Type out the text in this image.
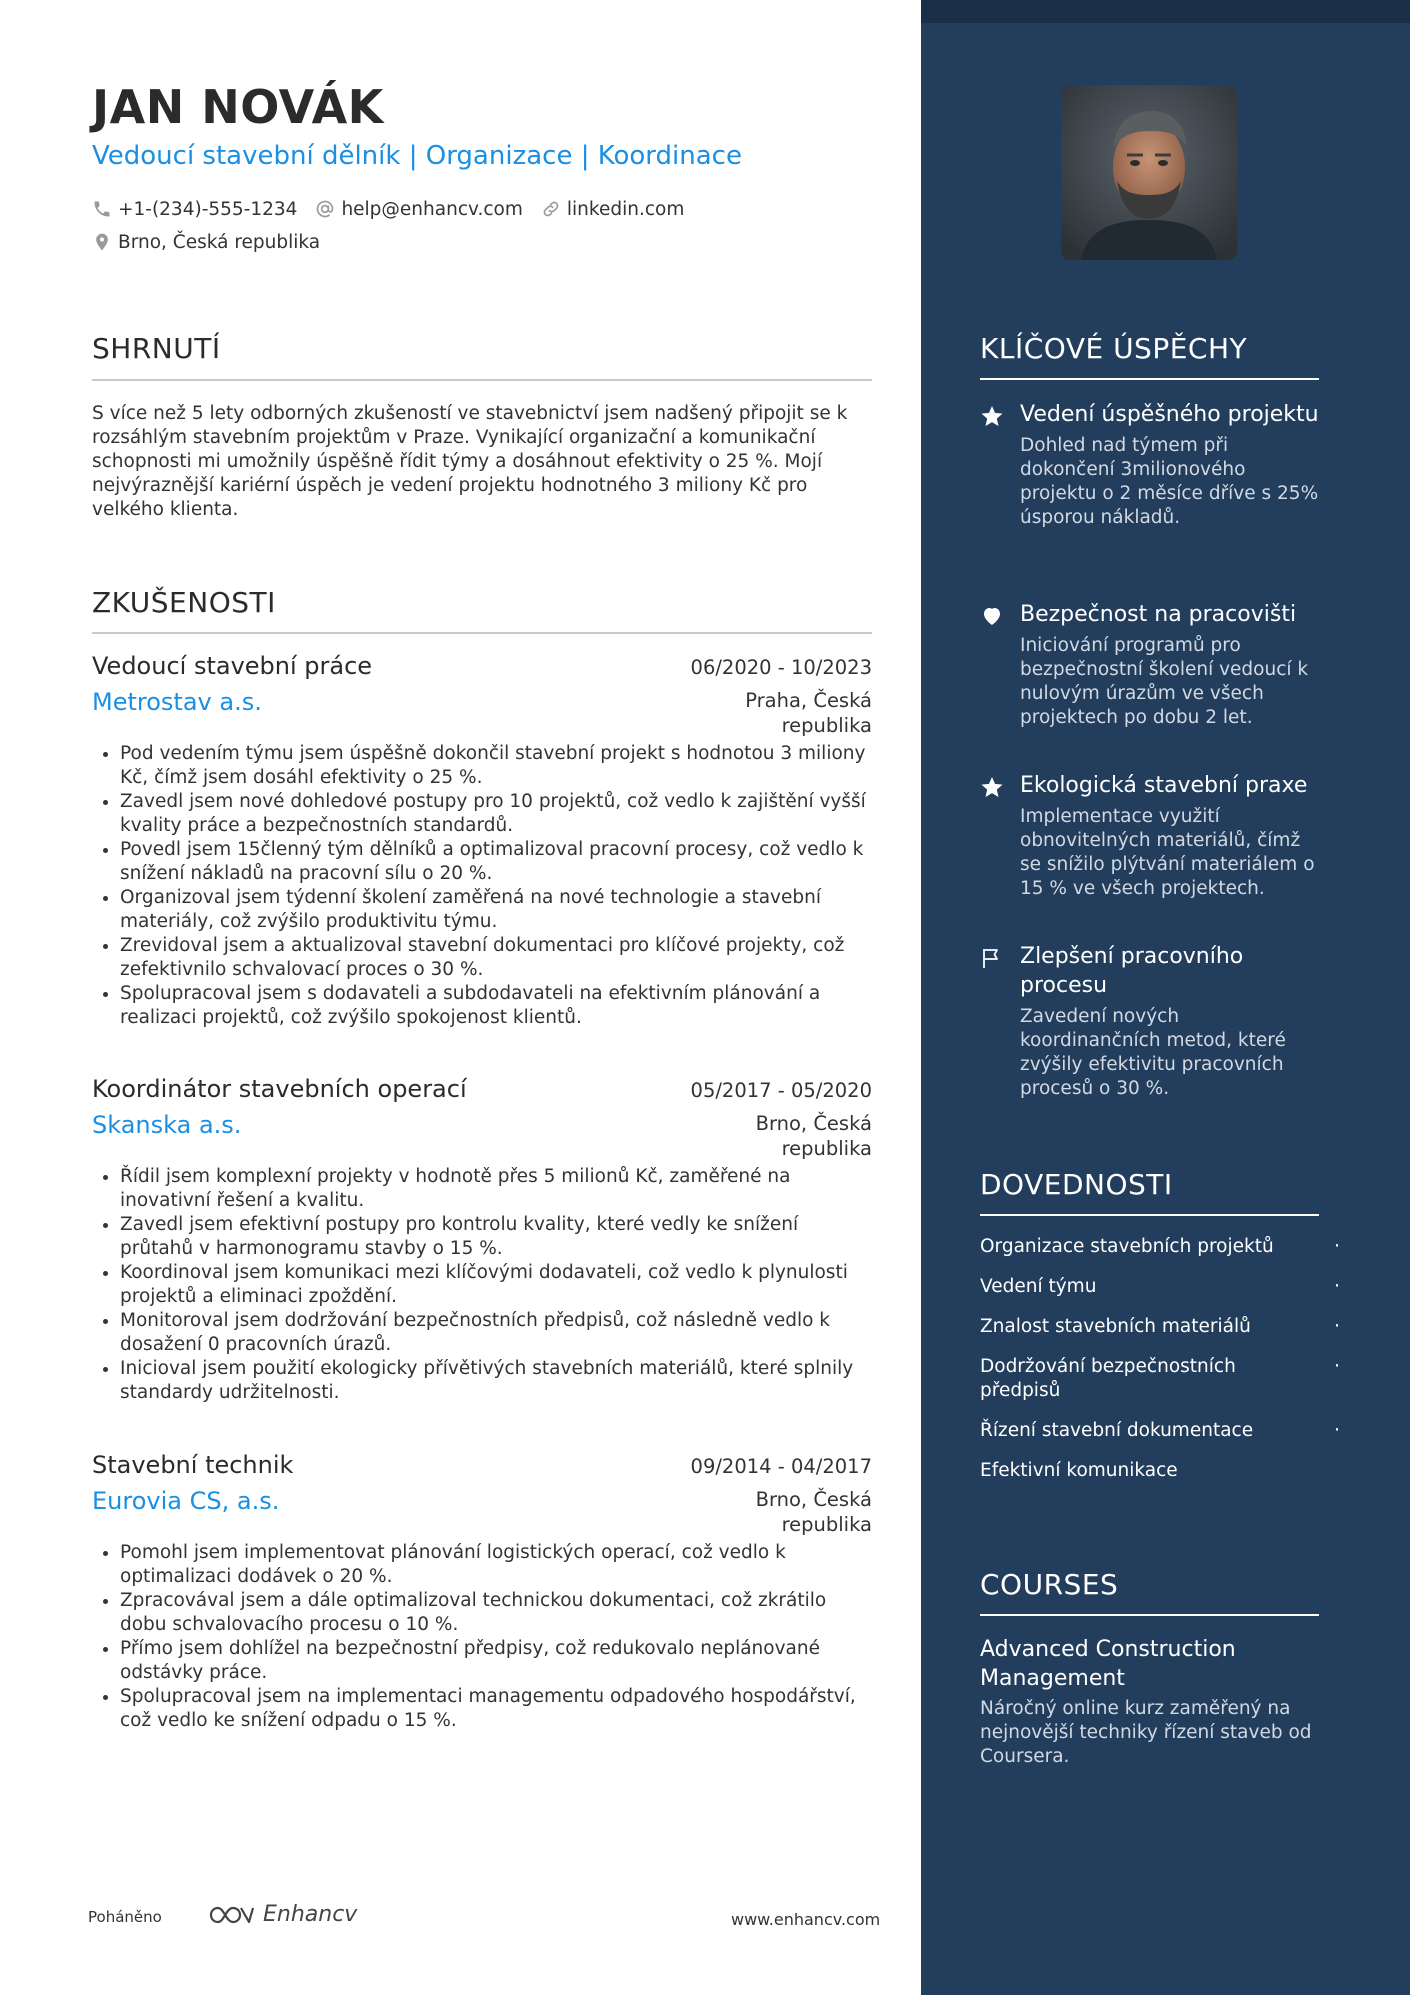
JAN NOVÁK
Vedoucí stavební dělník | Organizace | Koordinace
+1-(234)-555-1234 help@enhancv.com linkedin.com
Brno, Česká republika
SHRNUTÍ
S více než 5 lety odborných zkušeností ve stavebnictví jsem nadšený připojit se k rozsáhlým stavebním projektům v Praze. Vynikající organizační a komunikační schopnosti mi umožnily úspěšně řídit týmy a dosáhnout efektivity o 25 %. Mojí nejvýraznější kariérní úspěch je vedení projektu hodnotného 3 miliony Kč pro velkého klienta.
ZKUŠENOSTI
Vedoucí stavební práce	06/2020 - 10/2023
Metrostav a.s.	Praha, Česká republika
• Pod vedením týmu jsem úspěšně dokončil stavební projekt s hodnotou 3 miliony Kč, čímž jsem dosáhl efektivity o 25 %.
• Zavedl jsem nové dohledové postupy pro 10 projektů, což vedlo k zajištění vyšší kvality práce a bezpečnostních standardů.
• Povedl jsem 15členný tým dělníků a optimalizoval pracovní procesy, což vedlo k snížení nákladů na pracovní sílu o 20 %.
• Organizoval jsem týdenní školení zaměřená na nové technologie a stavební materiály, což zvýšilo produktivitu týmu.
• Zrevidoval jsem a aktualizoval stavební dokumentaci pro klíčové projekty, což zefektivnilo schvalovací proces o 30 %.
• Spolupracoval jsem s dodavateli a subdodavateli na efektivním plánování a realizaci projektů, což zvýšilo spokojenost klientů.
Koordinátor stavebních operací	05/2017 - 05/2020
Skanska a.s.	Brno, Česká republika
• Řídil jsem komplexní projekty v hodnotě přes 5 milionů Kč, zaměřené na inovativní řešení a kvalitu.
• Zavedl jsem efektivní postupy pro kontrolu kvality, které vedly ke snížení průtahů v harmonogramu stavby o 15 %.
• Koordinoval jsem komunikaci mezi klíčovými dodavateli, což vedlo k plynulosti projektů a eliminaci zpoždění.
• Monitoroval jsem dodržování bezpečnostních předpisů, což následně vedlo k dosažení 0 pracovních úrazů.
• Inicioval jsem použití ekologicky přívětivých stavebních materiálů, které splnily standardy udržitelnosti.
Stavební technik	09/2014 - 04/2017
Eurovia CS, a.s.	Brno, Česká republika
• Pomohl jsem implementovat plánování logistických operací, což vedlo k optimalizaci dodávek o 20 %.
• Zpracovával jsem a dále optimalizoval technickou dokumentaci, což zkrátilo dobu schvalovacího procesu o 10 %.
• Přímo jsem dohlížel na bezpečnostní předpisy, což redukovalo neplánované odstávky práce.
• Spolupracoval jsem na implementaci managementu odpadového hospodářství, což vedlo ke snížení odpadu o 15 %.
Poháněno	Enhancv	www.enhancv.com
KLÍČOVÉ ÚSPĚCHY
Vedení úspěšného projektu
Dohled nad týmem při dokončení 3milionového projektu o 2 měsíce dříve s 25% úsporou nákladů.
Bezpečnost na pracovišti
Iniciování programů pro bezpečnostní školení vedoucí k nulovým úrazům ve všech projektech po dobu 2 let.
Ekologická stavební praxe
Implementace využití obnovitelných materiálů, čímž se snížilo plýtvání materiálem o 15 % ve všech projektech.
Zlepšení pracovního procesu
Zavedení nových koordinančních metod, které zvýšily efektivitu pracovních procesů o 30 %.
DOVEDNOSTI
Organizace stavebních projektů	·
Vedení týmu	·
Znalost stavebních materiálů	·
Dodržování bezpečnostních předpisů
·
Řízení stavební dokumentace	·
Efektivní komunikace
COURSES
Advanced Construction Management
Náročný online kurz zaměřený na nejnovější techniky řízení staveb od Coursera.
